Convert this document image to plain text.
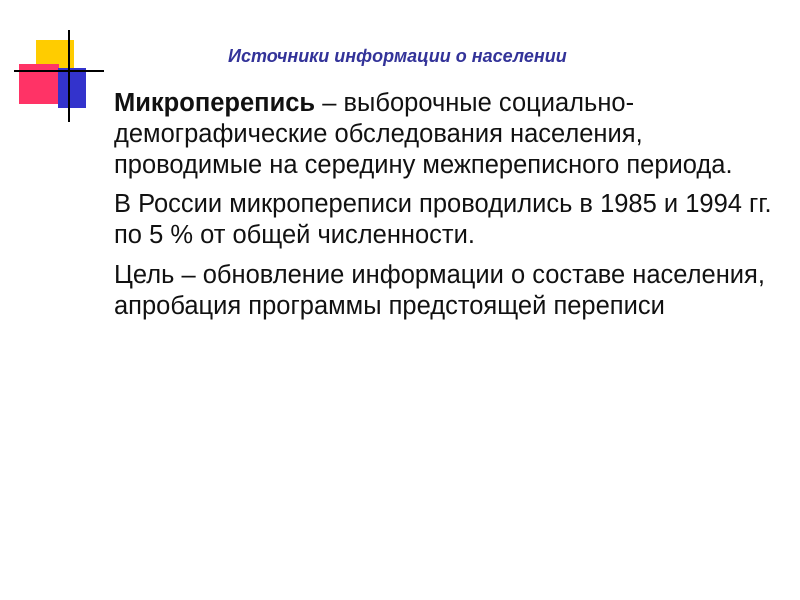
Источники информации о населении

Микроперепись – выборочные социально-демографические обследования населения, проводимые на середину межпереписного периода.

В России микропереписи проводились в 1985 и 1994 гг. по 5 % от общей численности.

Цель – обновление информации о составе населения, апробация программы предстоящей переписи
